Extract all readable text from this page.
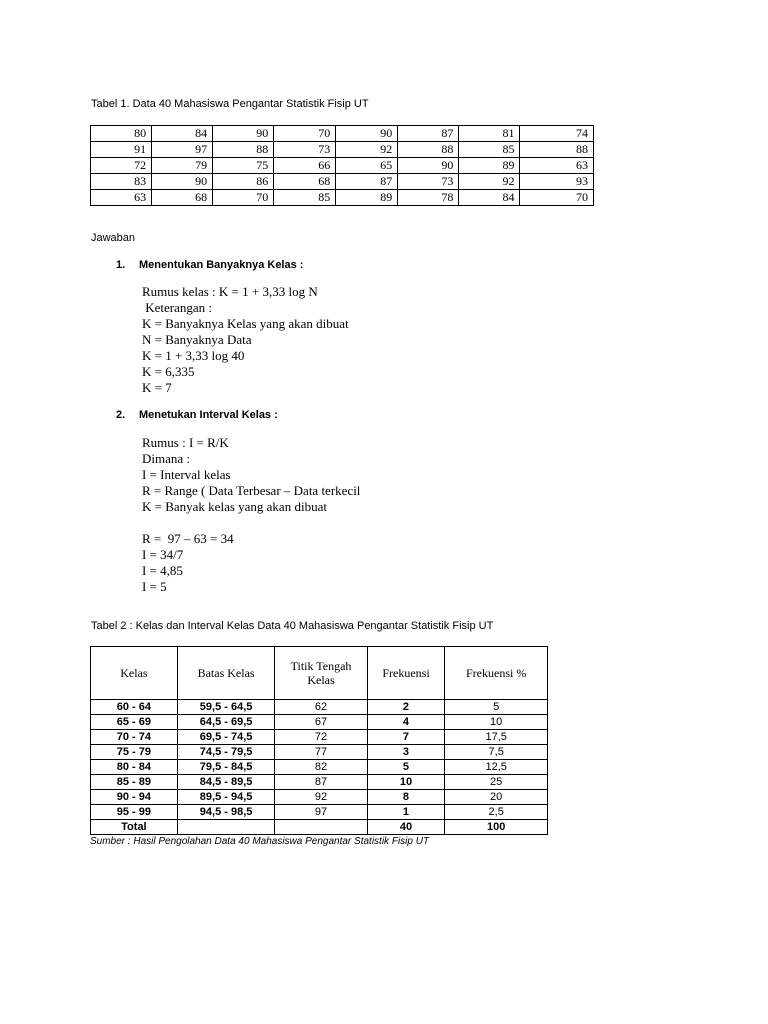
Tabel 1. Data 40 Mahasiswa Pengantar Statistik Fisip UT
80	84	90	70	90	87	81	74
91	97	88	73	92	88	85	88
72	79	75	66	65	90	89	63
83	90	86	68	87	73	92	93
63	68	70	85	89	78	84	70
Jawaban
1. Menentukan Banyaknya Kelas :
Rumus kelas : K = 1 + 3,33 log N
Keterangan :
K = Banyaknya Kelas yang akan dibuat
N = Banyaknya Data
K = 1 + 3,33 log 40
K = 6,335
K = 7
2. Menetukan Interval Kelas :
Rumus : I = R/K
Dimana :
I = Interval kelas
R = Range ( Data Terbesar – Data terkecil
K = Banyak kelas yang akan dibuat
R =  97 – 63 = 34
I = 34/7
I = 4,85
I = 5
Tabel 2 : Kelas dan Interval Kelas Data 40 Mahasiswa Pengantar Statistik Fisip UT
Kelas	Batas Kelas	Titik Tengah Kelas	Frekuensi	Frekuensi %
60 - 64	59,5 - 64,5	62	2	5
65 - 69	64,5 - 69,5	67	4	10
70 - 74	69,5 - 74,5	72	7	17,5
75 - 79	74,5 - 79,5	77	3	7,5
80 - 84	79,5 - 84,5	82	5	12,5
85 - 89	84,5 - 89,5	87	10	25
90 - 94	89,5 - 94,5	92	8	20
95 - 99	94,5 - 98,5	97	1	2,5
Total			40	100
Sumber : Hasil Pengolahan Data 40 Mahasiswa Pengantar Statistik Fisip UT
